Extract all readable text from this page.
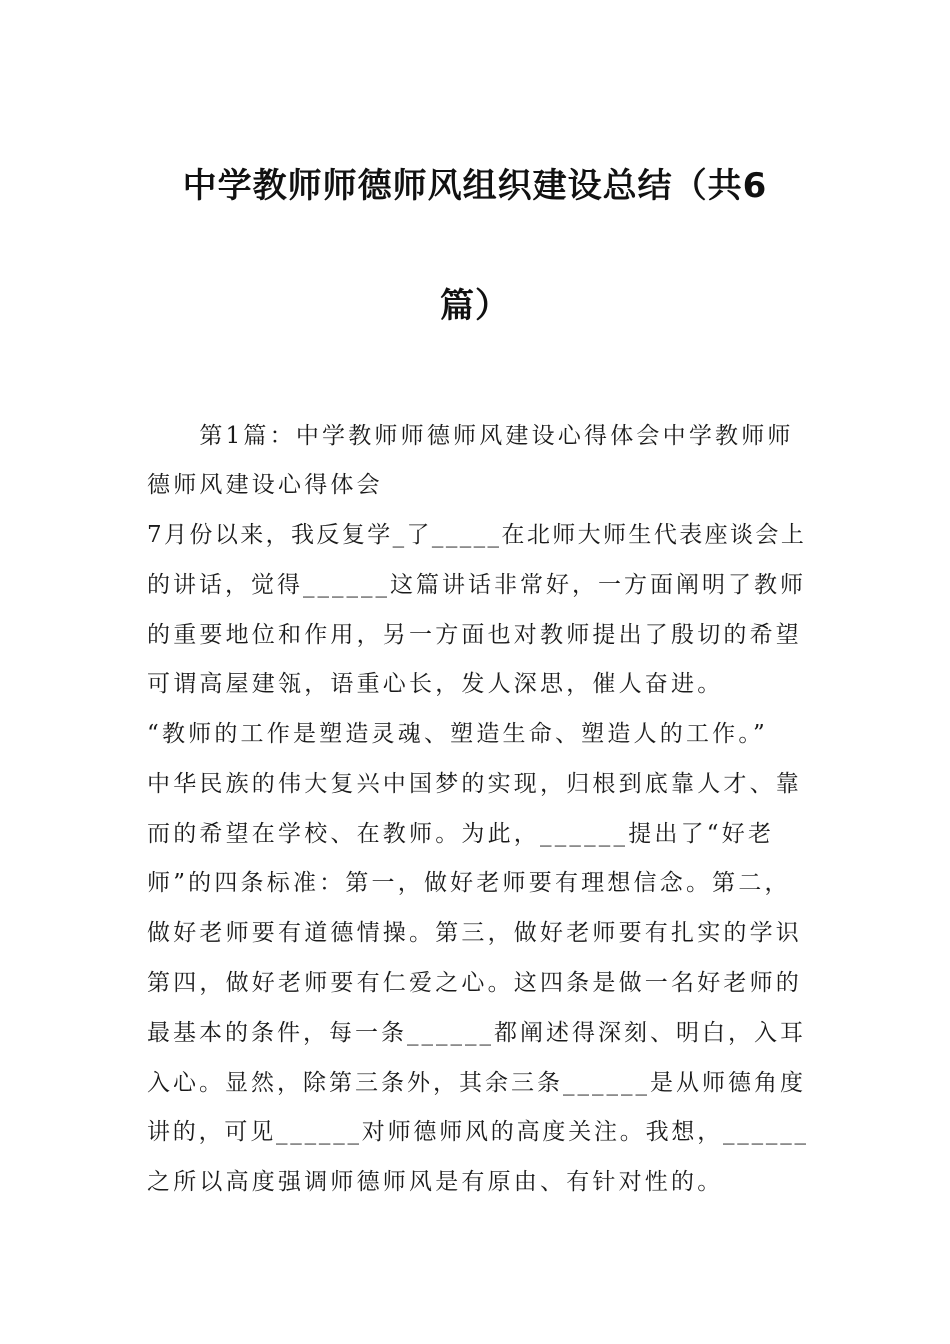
中学教师师德师风组织建设总结（共6
篇）
　　第1篇：中学教师师德师风建设心得体会中学教师师
德师风建设心得体会
7月份以来，我反复学_了_____在北师大师生代表座谈会上
的讲话，觉得______这篇讲话非常好，一方面阐明了教师
的重要地位和作用，另一方面也对教师提出了殷切的希望
可谓高屋建瓴，语重心长，发人深思，催人奋进。
“教师的工作是塑造灵魂、塑造生命、塑造人的工作。”
中华民族的伟大复兴中国梦的实现，归根到底靠人才、靠
而的希望在学校、在教师。为此，______提出了“好老
师”的四条标准：第一，做好老师要有理想信念。第二，
做好老师要有道德情操。第三，做好老师要有扎实的学识
第四，做好老师要有仁爱之心。这四条是做一名好老师的
最基本的条件，每一条______都阐述得深刻、明白，入耳
入心。显然，除第三条外，其余三条______是从师德角度
讲的，可见______对师德师风的高度关注。我想，______
之所以高度强调师德师风是有原由、有针对性的。
